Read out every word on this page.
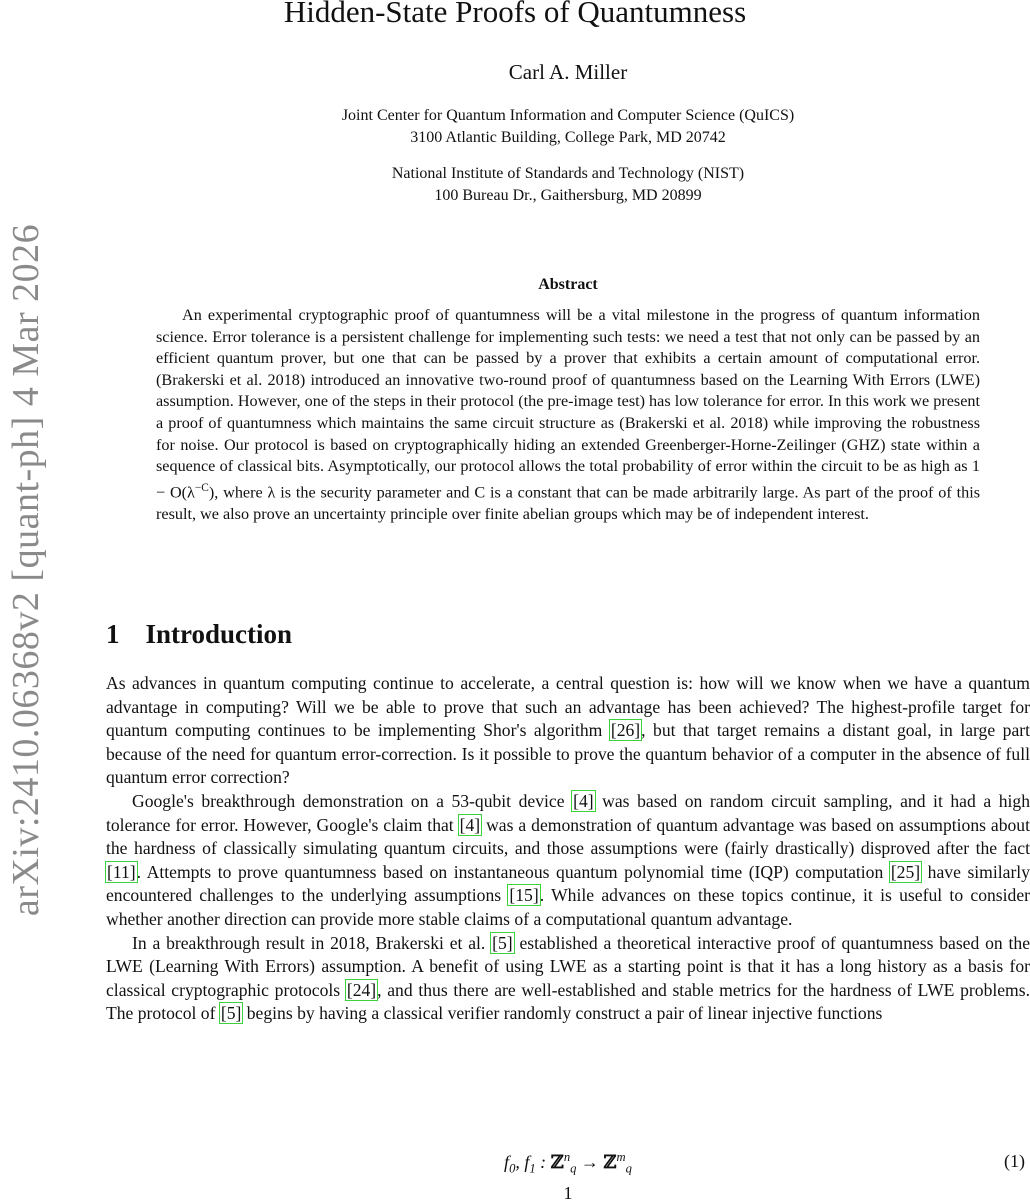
arXiv:2410.06368v2 [quant-ph] 4 Mar 2026
Hidden-State Proofs of Quantumness
Carl A. Miller
Joint Center for Quantum Information and Computer Science (QuICS)
3100 Atlantic Building, College Park, MD 20742
National Institute of Standards and Technology (NIST)
100 Bureau Dr., Gaithersburg, MD 20899
Abstract

An experimental cryptographic proof of quantumness will be a vital milestone in the progress of quantum information science. Error tolerance is a persistent challenge for implementing such tests: we need a test that not only can be passed by an efficient quantum prover, but one that can be passed by a prover that exhibits a certain amount of computational error. (Brakerski et al. 2018) introduced an innovative two-round proof of quantumness based on the Learning With Errors (LWE) assumption. However, one of the steps in their protocol (the pre-image test) has low tolerance for error. In this work we present a proof of quantumness which maintains the same circuit structure as (Brakerski et al. 2018) while improving the robustness for noise. Our protocol is based on cryptographically hiding an extended Greenberger-Horne-Zeilinger (GHZ) state within a sequence of classical bits. Asymptotically, our protocol allows the total probability of error within the circuit to be as high as $1 - O(\lambda^{-C})$, where λ is the security parameter and C is a constant that can be made arbitrarily large. As part of the proof of this result, we also prove an uncertainty principle over finite abelian groups which may be of independent interest.

1 Introduction

As advances in quantum computing continue to accelerate, a central question is: how will we know when we have a quantum advantage in computing? Will we be able to prove that such an advantage has been achieved? The highest-profile target for quantum computing continues to be implementing Shor's algorithm [26], but that target remains a distant goal, in large part because of the need for quantum error-correction. Is it possible to prove the quantum behavior of a computer in the absence of full quantum error correction?

Google's breakthrough demonstration on a 53-qubit device [4] was based on random circuit sampling, and it had a high tolerance for error. However, Google's claim that [4] was a demonstration of quantum advantage was based on assumptions about the hardness of classically simulating quantum circuits, and those assumptions were (fairly drastically) disproved after the fact [11]. Attempts to prove quantumness based on instantaneous quantum polynomial time (IQP) computation [25] have similarly encountered challenges to the underlying assumptions [15]. While advances on these topics continue, it is useful to consider whether another direction can provide more stable claims of a computational quantum advantage.

In a breakthrough result in 2018, Brakerski et al. [5] established a theoretical interactive proof of quantumness based on the LWE (Learning With Errors) assumption. A benefit of using LWE as a starting point is that it has a long history as a basis for classical cryptographic protocols [24], and thus there are well-established and stable metrics for the hardness of LWE problems. The protocol of [5] begins by having a classical verifier randomly construct a pair of linear injective functions

$f_0$, $f_1$ : ℤ$^n_q$ → ℤ$^m_q$	(1)
1
